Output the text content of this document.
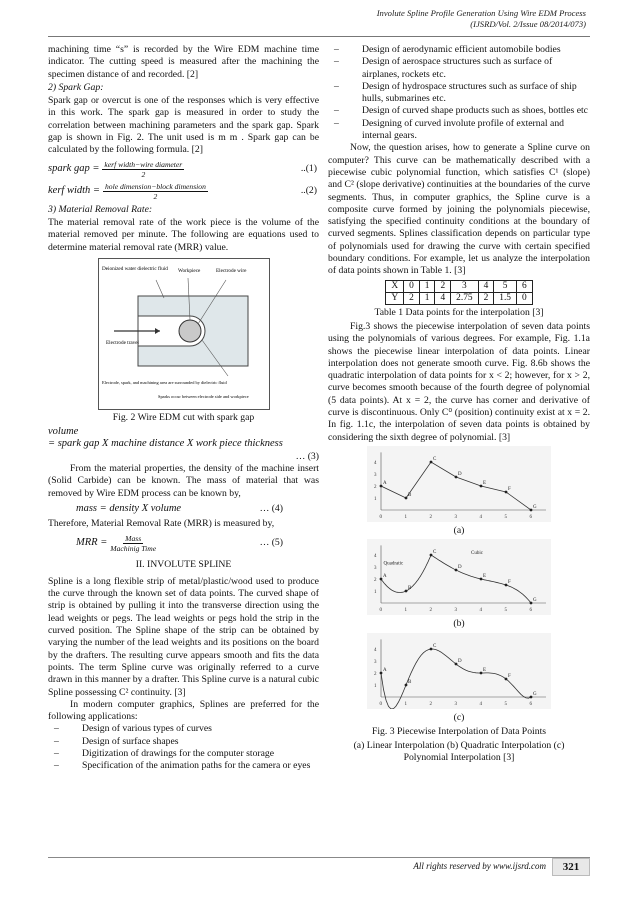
Involute Spline Profile Generation Using Wire EDM Process
(IJSRD/Vol. 2/Issue 08/2014/073)

machining time “s” is recorded by the Wire EDM machine time indicator. The cutting speed is measured after the machining the specimen distance of and recorded. [2]

2) Spark Gap:

Spark gap or overcut is one of the responses which is very effective in this work. The spark gap is measured in order to study the correlation between machining parameters and the spark gap. Spark gap is shown in Fig. 2. The unit used is m m . Spark gap can be calculated by the following formula. [2]

spark gap = $\frac{\text{kerf width−wire diameter}}{2}$	..(1)
kerf width = $\frac{\text{hole dimension−block dimension}}{2}$	..(2)
3) Material Removal Rate:

The material removal rate of the work piece is the volume of the material removed per minute. The following are equations used to determine material removal rate (MRR) value.

Deionized water dielectric fluid Workpiece	Electrode wire
Electrode travel
Electrode, spark, and machining area are surrounded by dielectric fluid
Sparks occur between electrode side and workpiece
Fig. 2 Wire EDM cut with spark gap
volume
= spark gap X machine distance X work piece thickness
… (3)

From the material properties, the density of the machine insert (Solid Carbide) can be known. The mass of material that was removed by Wire EDM process can be known by,

mass = density X volume	… (4)

Therefore, Material Removal Rate (MRR) is measured by,

MRR = $\frac{\text{Mass}}{\text{Machinig Time}}$	… (5)
II. INVOLUTE SPLINE

Spline is a long flexible strip of metal/plastic/wood used to produce the curve through the known set of data points. The curved shape of strip is obtained by pulling it into the transverse direction using the lead weights or pegs. The lead weights or pegs hold the strip in the curved position. The Spline shape of the strip can be obtained by varying the number of the lead weights and its positions on the board by the drafters. The resulting curve appears smooth and fits the data points. The term Spline curve was originally referred to a curve drawn in this manner by a drafter. This Spline curve is a natural cubic Spline possessing C² continuity. [3]

In modern computer graphics, Splines are preferred for the following applications:

– Design of various types of curves
– Design of surface shapes
– Digitization of drawings for the computer storage
– Specification of the animation paths for the camera or eyes
– Design of aerodynamic efficient automobile bodies
– Design of aerospace structures such as surface of airplanes, rockets etc.
– Design of hydrospace structures such as surface of ship hulls, submarines etc.
– Design of curved shape products such as shoes, bottles etc
– Designing of curved involute profile of external and internal gears.

Now, the question arises, how to generate a Spline curve on computer? This curve can be mathematically described with a piecewise cubic polynomial function, which satisfies C¹ (slope) and C² (slope derivative) continuities at the boundaries of the curve segments. Thus, in computer graphics, the Spline curve is a composite curve formed by joining the polynomials piecewise, satisfying the specified continuity conditions at the boundary of curved segments. Splines classification depends on particular type of polynomials used for drawing the curve with certain specified boundary conditions. For example, let us analyze the interpolation of data points shown in Table 1. [3]

X	0	1	2	3	4	5	6
Y	2	1	4	2.75	2	1.5	0
Table 1 Data points for the interpolation [3]

Fig.3 shows the piecewise interpolation of seven data points using the polynomials of various degrees. For example, Fig. 1.1a shows the piecewise linear interpolation of data points. Linear interpolation does not generate smooth curve. Fig. 8.6b shows the quadratic interpolation of data points for x < 2; however, for x > 2, curve becomes smooth because of the fourth degree of polynomial (5 data points). At x = 2, the curve has corner and derivative of curve is discontinuous. Only C⁰ (position) continuity exist at x = 2. In fig. 1.1c, the interpolation of seven data points is obtained by considering the sixth degree of polynomial. [3]

0	1	2	3	4	5	6
1
2
3
4
A
B
C
D
E
F
G
(a)
0	1	2	3	4	5	6
1
2
3
4
A
B
C
D
E
F
G
Quadratic
Cubic
(b)
0	1	2	3	4	5	6
1
2
3
4
A
B
C
D
E
F
G
(c)
Fig. 3 Piecewise Interpolation of Data Points
(a) Linear Interpolation (b) Quadratic Interpolation (c)
Polynomial Interpolation [3]
All rights reserved by www.ijsrd.com	321
